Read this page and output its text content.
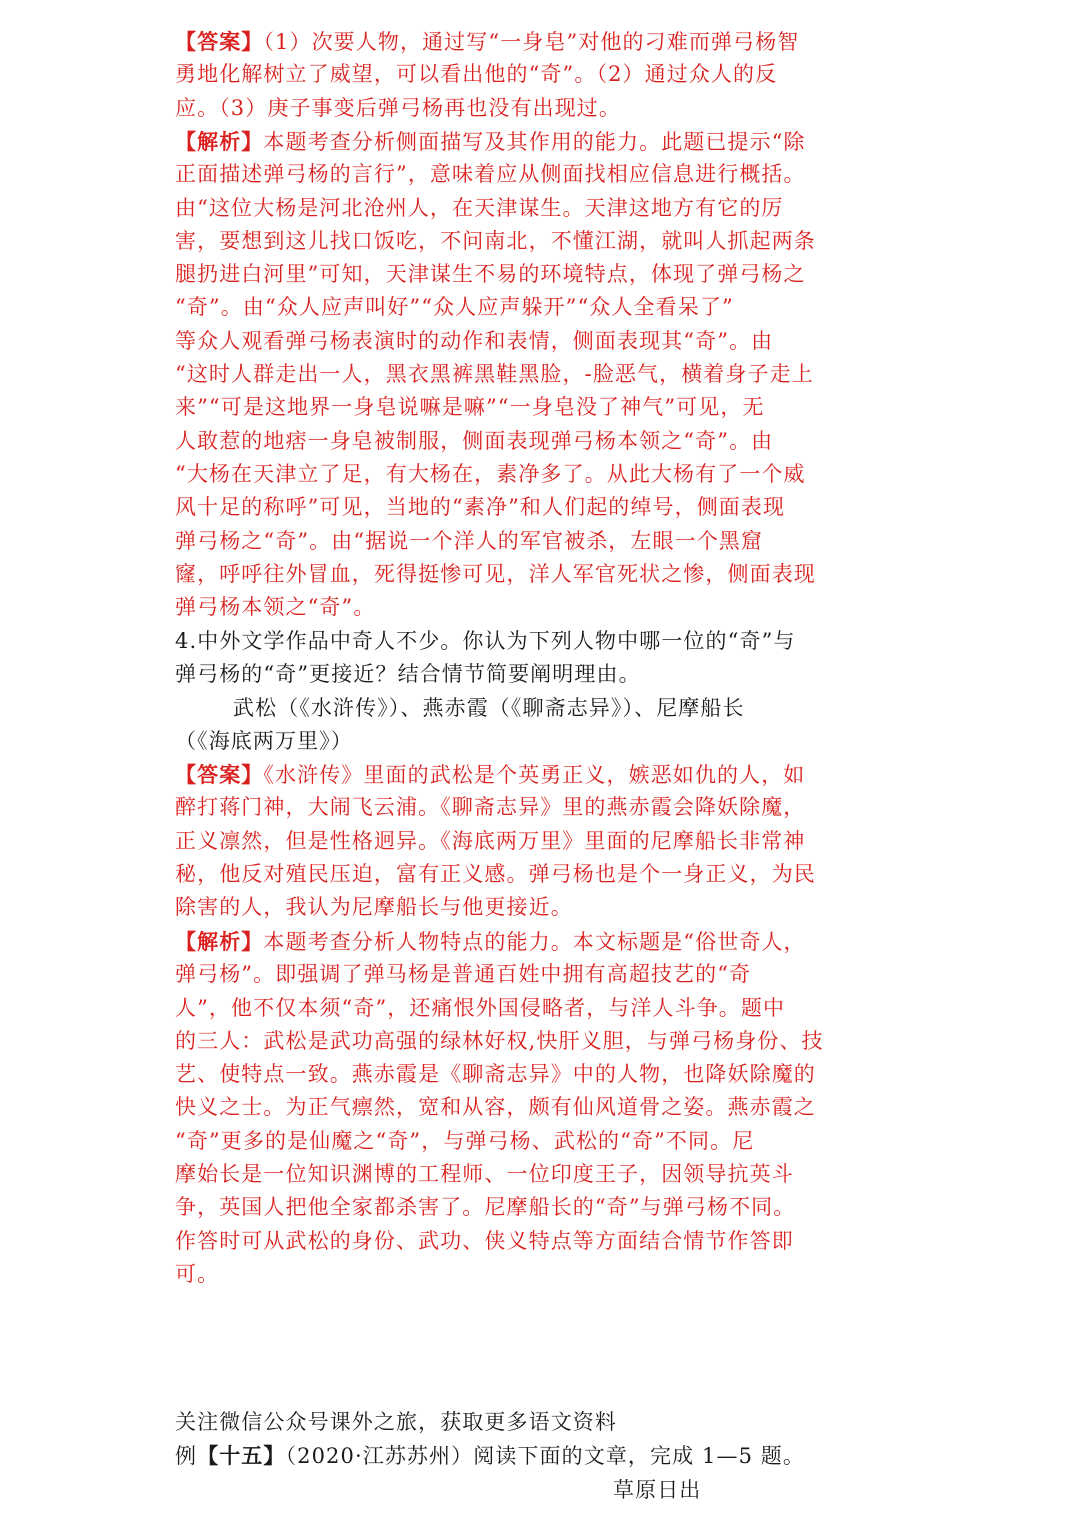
【答案】（1）次要人物，通过写“一身皂”对他的刁难而弹弓杨智
勇地化解树立了威望，可以看出他的“奇”。（2）通过众人的反
应。（3）庚子事变后弹弓杨再也没有出现过。
【解析】本题考查分析侧面描写及其作用的能力。此题已提示“除
正面描述弹弓杨的言行”，意味着应从侧面找相应信息进行概括。
由“这位大杨是河北沧州人，在天津谋生。天津这地方有它的厉
害，要想到这儿找口饭吃，不问南北，不懂江湖，就叫人抓起两条
腿扔进白河里”可知，天津谋生不易的环境特点，体现了弹弓杨之
“奇”。由“众人应声叫好”“众人应声躲开”“众人全看呆了”
等众人观看弹弓杨表演时的动作和表情，侧面表现其“奇”。由
“这时人群走出一人，黑衣黑裤黑鞋黑脸，-脸恶气，横着身子走上
来”“可是这地界一身皂说嘛是嘛”“一身皂没了神气”可见，无
人敢惹的地痞一身皂被制服，侧面表现弹弓杨本领之“奇”。由
“大杨在天津立了足，有大杨在，素净多了。从此大杨有了一个威
风十足的称呼”可见，当地的“素净”和人们起的绰号，侧面表现
弹弓杨之“奇”。由“据说一个洋人的军官被杀，左眼一个黑窟
窿，呼呼往外冒血，死得挺惨可见，洋人军官死状之惨，侧面表现
弹弓杨本领之“奇”。
4.中外文学作品中奇人不少。你认为下列人物中哪一位的“奇”与
弹弓杨的“奇”更接近？结合情节简要阐明理由。
武松（《水浒传》）、燕赤霞（《聊斋志异》）、尼摩船长
（《海底两万里》）
【答案】《水浒传》里面的武松是个英勇正义，嫉恶如仇的人，如
醉打蒋门神，大闹飞云浦。《聊斋志异》里的燕赤霞会降妖除魔，
正义凛然，但是性格迥异。《海底两万里》里面的尼摩船长非常神
秘，他反对殖民压迫，富有正义感。弹弓杨也是个一身正义，为民
除害的人，我认为尼摩船长与他更接近。
【解析】本题考查分析人物特点的能力。本文标题是“俗世奇人，
弹弓杨”。即强调了弹马杨是普通百姓中拥有高超技艺的“奇
人”，他不仅本须“奇”，还痛恨外国侵略者，与洋人斗争。题中
的三人：武松是武功高强的绿林好权,快肝义胆，与弹弓杨身份、技
艺、使特点一致。燕赤霞是《聊斋志异》中的人物，也降妖除魔的
快义之士。为正气瘭然，宽和从容，颇有仙风道骨之姿。燕赤霞之
“奇”更多的是仙魔之“奇”，与弹弓杨、武松的“奇”不同。尼
摩始长是一位知识渊博的工程师、一位印度王子，因领导抗英斗
争，英国人把他全家都杀害了。尼摩船长的“奇”与弹弓杨不同。
作答时可从武松的身份、武功、侠义特点等方面结合情节作答即
可。
关注微信公众号课外之旅，获取更多语文资料
例【十五】（2020·江苏苏州）阅读下面的文章，完成 1—5 题。
草原日出
